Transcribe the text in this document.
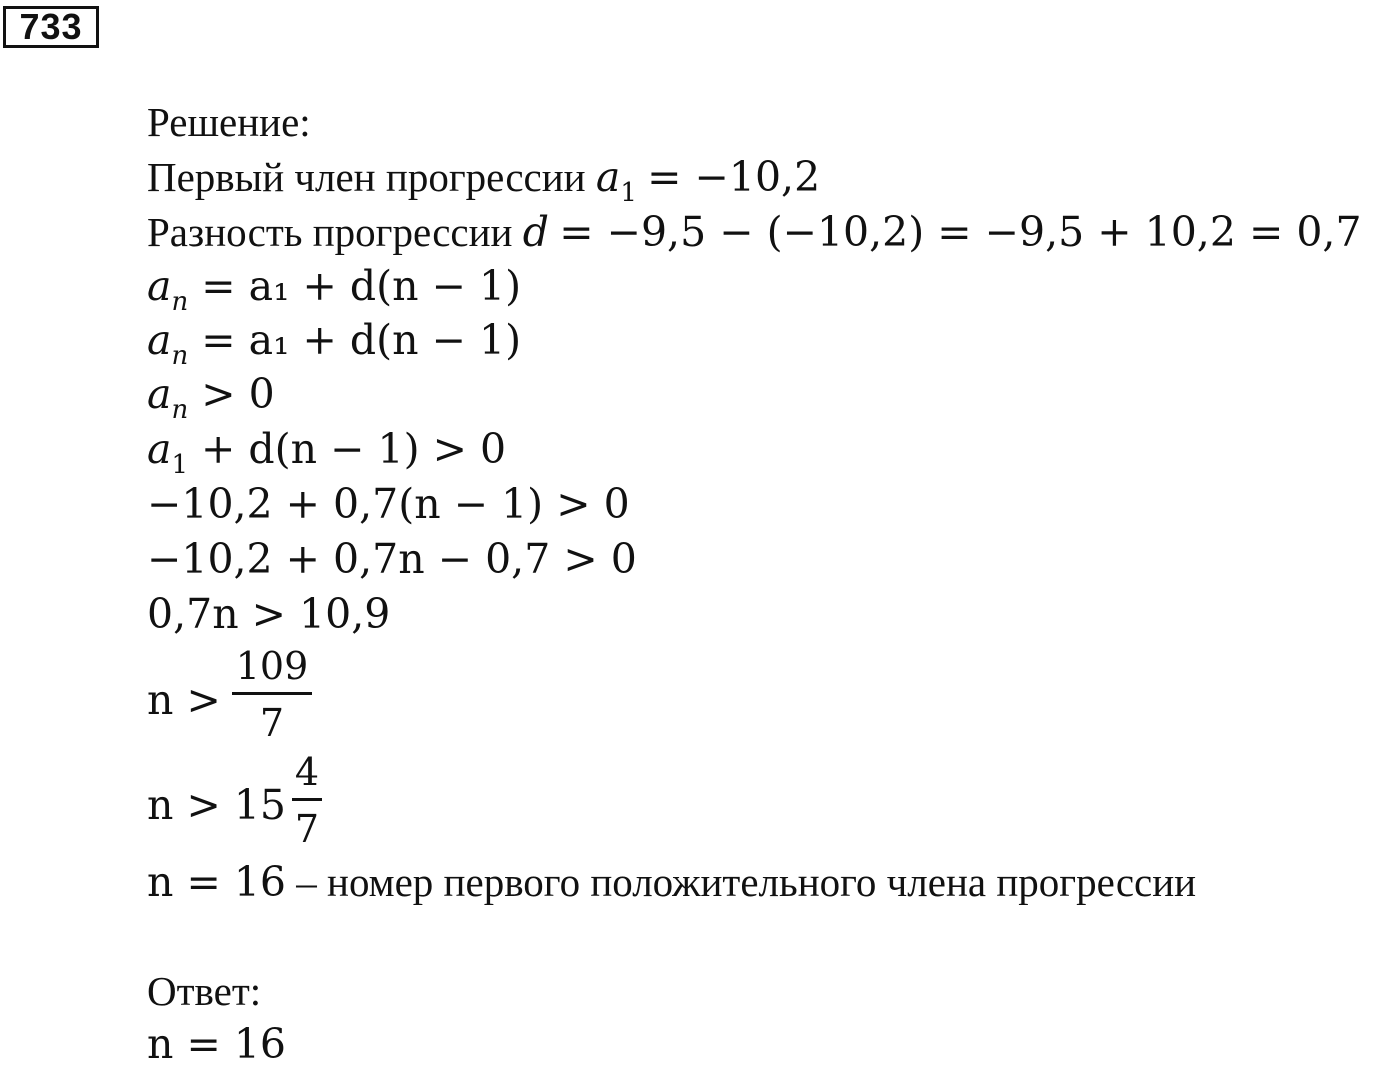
733
Решение:
Первый член прогрессии $a_1 = -10,2$
Разность прогрессии d = −9,5 − (−10,2) = −9,5 + 10,2 = 0,7
$a_n = a_1 + d(n - 1)$
$a_n = a_1 + d(n - 1)$
$a_n > 0$
$a_1 + d(n - 1) > 0$
−10,2 + 0,7(n − 1) > 0
−10,2 + 0,7n − 0,7 > 0
0,7n > 10,9
n >
109
7
n > 15
4
7
n = 16 – номер первого положительного члена прогрессии
Ответ:
n = 16
